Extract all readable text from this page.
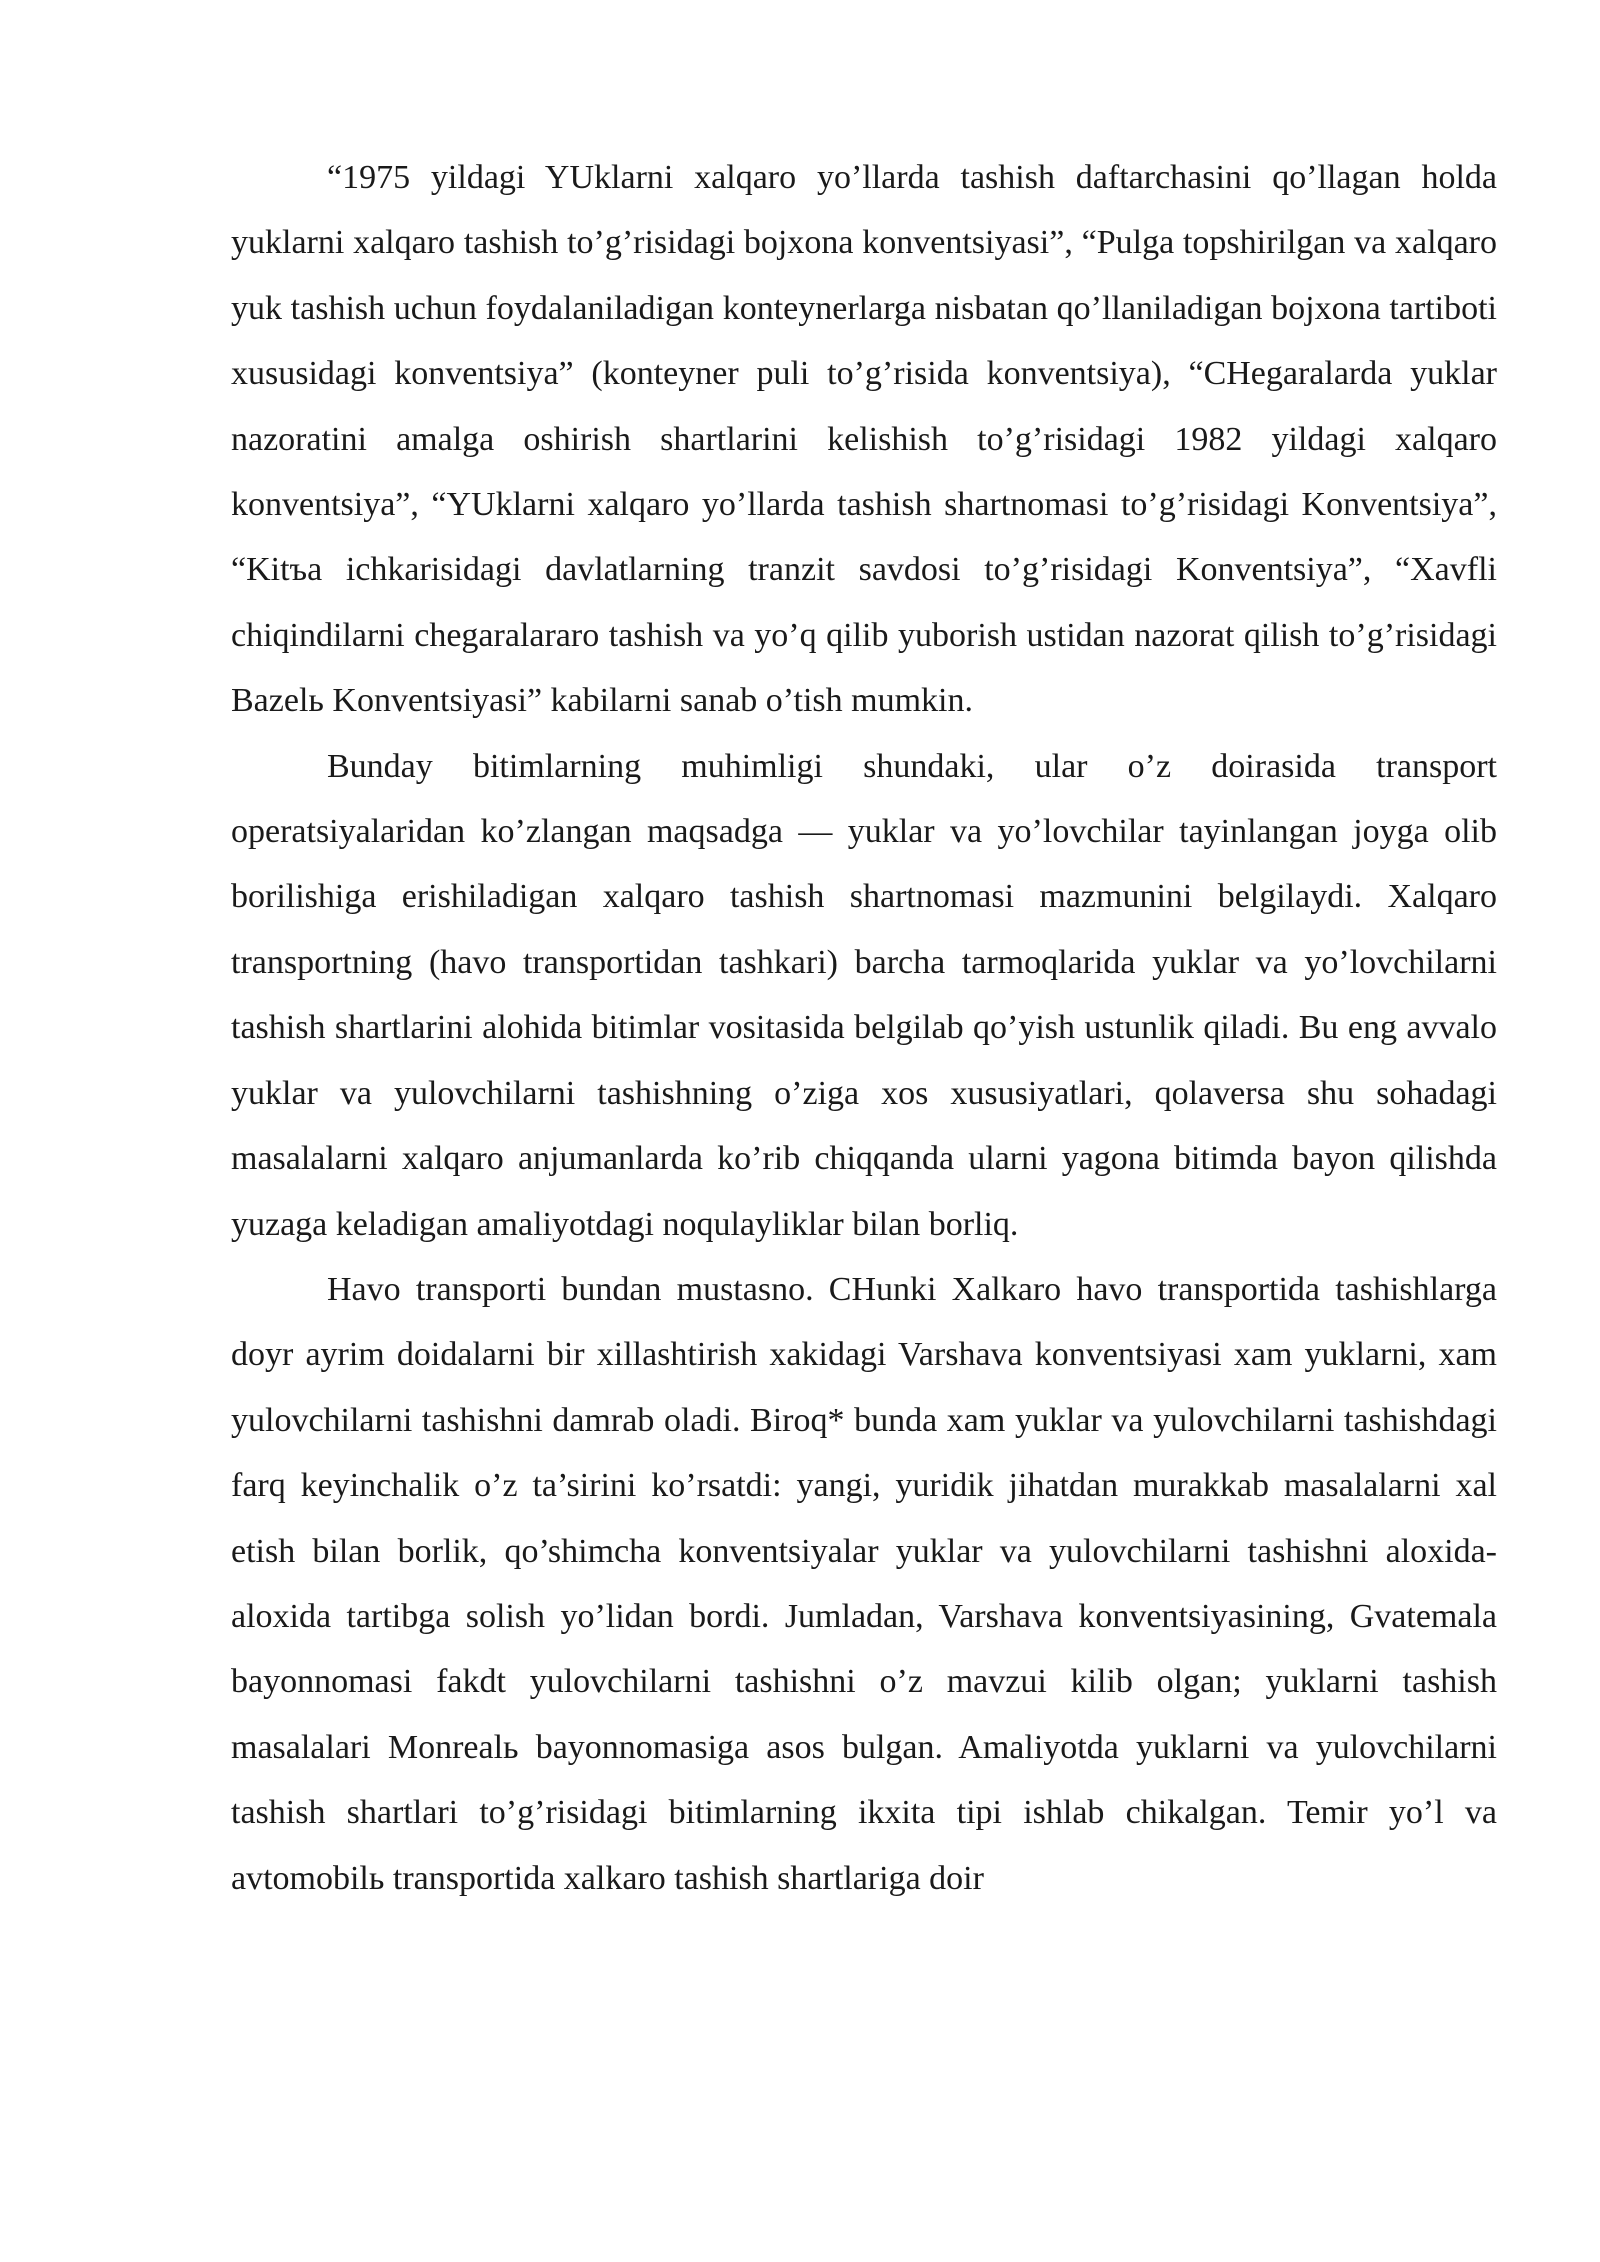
“1975 yildagi YUklarni xalqaro yo’llarda tashish daftarchasini qo’llagan holda yuklarni xalqaro tashish to’g’risidagi bojxona konventsiyasi”, “Pulga topshirilgan va xalqaro yuk tashish uchun foydalaniladigan konteynerlarga nisbatan qo’llaniladigan bojxona tartiboti xususidagi konventsiya” (konteyner puli to’g’risida konventsiya), “CHegaralarda yuklar nazoratini amalga oshirish shartlarini kelishish to’g’risidagi 1982 yildagi xalqaro konventsiya”, “YUklarni xalqaro yo’llarda tashish shartnomasi to’g’risidagi Konventsiya”, “Kitъa ichkarisidagi davlatlarning tranzit savdosi to’g’risidagi Konventsiya”, “Xavfli chiqindilarni chegaralararo tashish va yo’q qilib yuborish ustidan nazorat qilish to’g’risidagi Bazelь Konventsiyasi” kabilarni sanab o’tish mumkin.

Bunday bitimlarning muhimligi shundaki, ular o’z doirasida transport operatsiyalaridan ko’zlangan maqsadga — yuklar va yo’lovchilar tayinlangan joyga olib borilishiga erishiladigan xalqaro tashish shartnomasi mazmunini belgilaydi. Xalqaro transportning (havo transportidan tashkari) barcha tarmoqlarida yuklar va yo’lovchilarni tashish shartlarini alohida bitimlar vositasida belgilab qo’yish ustunlik qiladi. Bu eng avvalo yuklar va yulovchilarni tashishning o’ziga xos xususiyatlari, qolaversa shu sohadagi masalalarni xalqaro anjumanlarda ko’rib chiqqanda ularni yagona bitimda bayon qilishda yuzaga keladigan amaliyotdagi noqulayliklar bilan borliq.

Havo transporti bundan mustasno. CHunki Xalkaro havo transportida tashishlarga doyr ayrim doidalarni bir xillashtirish xakidagi Varshava konventsiyasi xam yuklarni, xam yulovchilarni tashishni damrab oladi. Biroq* bunda xam yuklar va yulovchilarni tashishdagi farq keyinchalik o’z ta’sirini ko’rsatdi: yangi, yuridik jihatdan murakkab masalalarni xal etish bilan borlik, qo’shimcha konventsiyalar yuklar va yulovchilarni tashishni aloxida-aloxida tartibga solish yo’lidan bordi. Jumladan, Varshava konventsiyasining, Gvatemala bayonnomasi fakdt yulovchilarni tashishni o’z mavzui kilib olgan; yuklarni tashish masalalari Monrealь bayonnomasiga asos bulgan. Amaliyotda yuklarni va yulovchilarni tashish shartlari to’g’risidagi bitimlarning ikxita tipi ishlab chikalgan. Temir yo’l va avtomobilь transportida xalkaro tashish shartlariga doir
